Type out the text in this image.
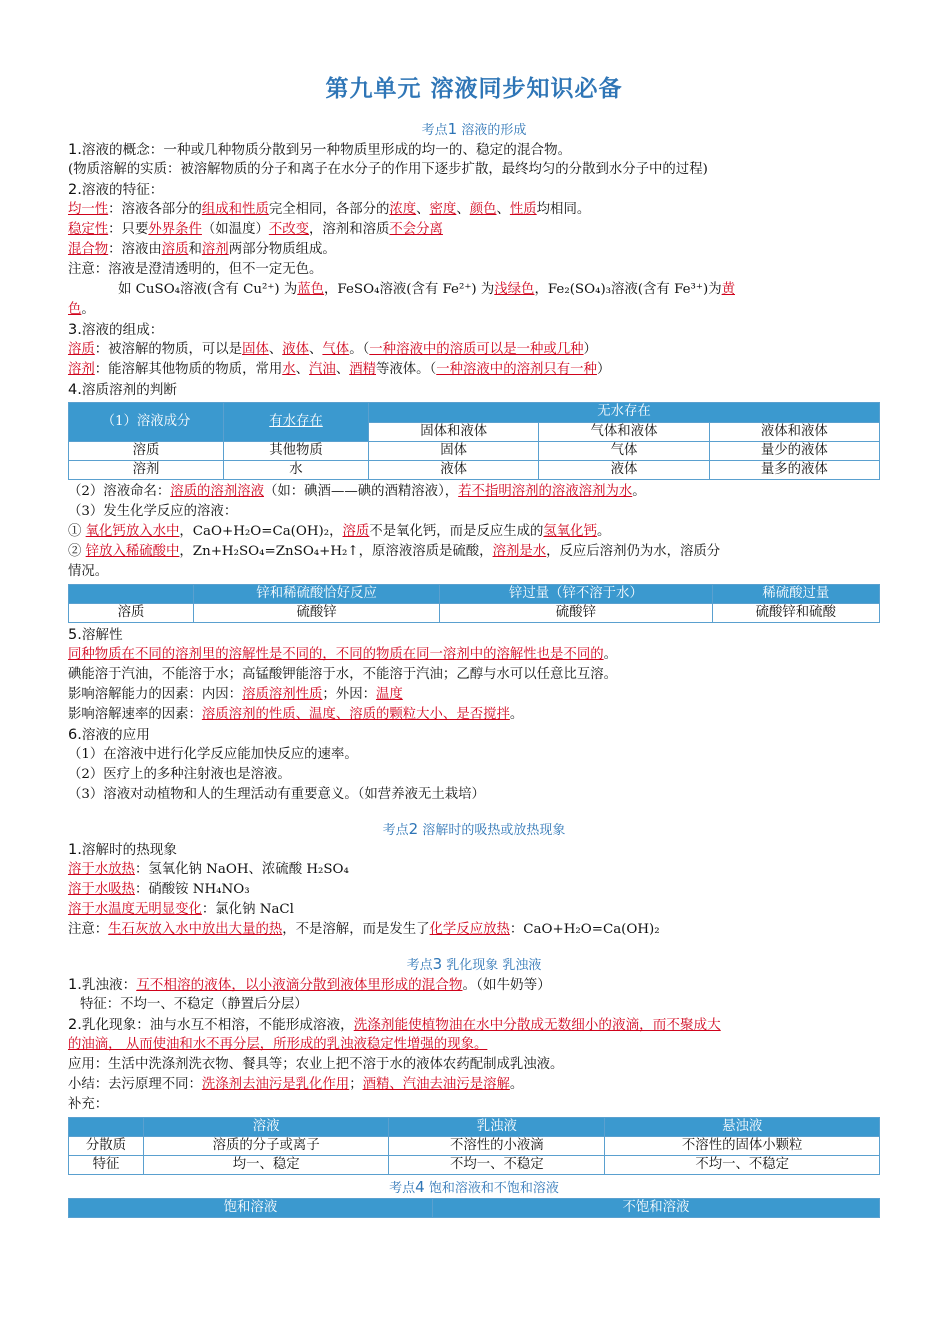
第九单元 溶液同步知识必备
考点1 溶液的形成
1.溶液的概念：一种或几种物质分散到另一种物质里形成的均一的、稳定的混合物。
(物质溶解的实质：被溶解物质的分子和离子在水分子的作用下逐步扩散，最终均匀的分散到水分子中的过程)
2.溶液的特征：
均一性：溶液各部分的组成和性质完全相同，各部分的浓度、密度、颜色、性质均相同。
稳定性：只要外界条件（如温度）不改变，溶剂和溶质不会分离
混合物：溶液由溶质和溶剂两部分物质组成。
注意：溶液是澄清透明的，但不一定无色。
如 CuSO₄溶液(含有 Cu²⁺) 为蓝色，FeSO₄溶液(含有 Fe²⁺) 为浅绿色，Fe₂(SO₄)₃溶液(含有 Fe³⁺)为黄
色。
3.溶液的组成：
溶质：被溶解的物质，可以是固体、液体、气体。（一种溶液中的溶质可以是一种或几种）
溶剂：能溶解其他物质的物质，常用水、汽油、酒精等液体。（一种溶液中的溶剂只有一种）
4.溶质溶剂的判断
（1）溶液成分	有水存在	无水存在		
		固体和液体	气体和液体	液体和液体
溶质	其他物质	固体	气体	量少的液体
溶剂	水	液体	液体	量多的液体
（2）溶液命名：溶质的溶剂溶液（如：碘酒——碘的酒精溶液），若不指明溶剂的溶液溶剂为水。
（3）发生化学反应的溶液：
① 氧化钙放入水中，CaO+H₂O=Ca(OH)₂，溶质不是氧化钙，而是反应生成的氢氧化钙。
② 锌放入稀硫酸中，Zn+H₂SO₄=ZnSO₄+H₂↑，原溶液溶质是硫酸，溶剂是水，反应后溶剂仍为水，溶质分
情况。
	锌和稀硫酸恰好反应	锌过量（锌不溶于水）	稀硫酸过量
溶质	硫酸锌	硫酸锌	硫酸锌和硫酸
5.溶解性
同种物质在不同的溶剂里的溶解性是不同的，不同的物质在同一溶剂中的溶解性也是不同的。
碘能溶于汽油，不能溶于水；高锰酸钾能溶于水，不能溶于汽油；乙醇与水可以任意比互溶。
影响溶解能力的因素：内因：溶质溶剂性质；外因：温度
影响溶解速率的因素：溶质溶剂的性质、温度、溶质的颗粒大小、是否搅拌。
6.溶液的应用
（1）在溶液中进行化学反应能加快反应的速率。
（2）医疗上的多种注射液也是溶液。
（3）溶液对动植物和人的生理活动有重要意义。（如营养液无土栽培）
考点2 溶解时的吸热或放热现象
1.溶解时的热现象
溶于水放热：氢氧化钠 NaOH、浓硫酸 H₂SO₄
溶于水吸热：硝酸铵 NH₄NO₃
溶于水温度无明显变化：氯化钠 NaCl
注意：生石灰放入水中放出大量的热，不是溶解，而是发生了化学反应放热：CaO+H₂O=Ca(OH)₂
考点3 乳化现象 乳浊液
1.乳浊液：互不相溶的液体，以小液滴分散到液体里形成的混合物。（如牛奶等）
特征：不均一、不稳定（静置后分层）
2.乳化现象：油与水互不相溶，不能形成溶液，洗涤剂能使植物油在水中分散成无数细小的液滴，而不聚成大
的油滴， 从而使油和水不再分层，所形成的乳浊液稳定性增强的现象。
应用：生活中洗涤剂洗衣物、餐具等；农业上把不溶于水的液体农药配制成乳浊液。
小结：去污原理不同：洗涤剂去油污是乳化作用；酒精、汽油去油污是溶解。
补充：
	溶液	乳浊液	悬浊液
分散质	溶质的分子或离子	不溶性的小液滴	不溶性的固体小颗粒
特征	均一、稳定	不均一、不稳定	不均一、不稳定
考点4 饱和溶液和不饱和溶液
饱和溶液	不饱和溶液
